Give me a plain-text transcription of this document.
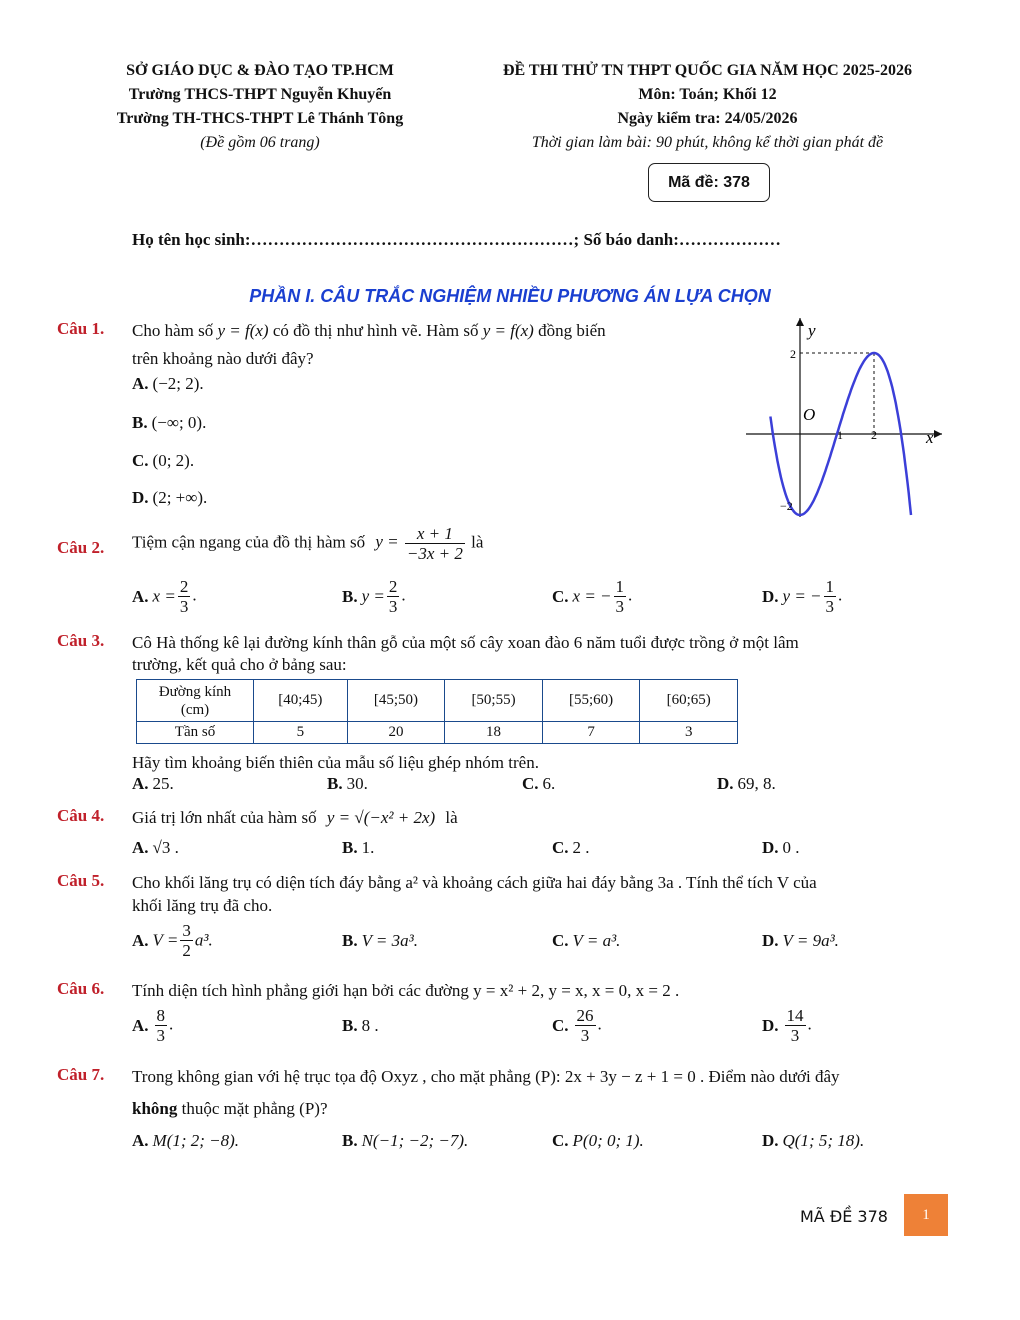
SỞ GIÁO DỤC & ĐÀO TẠO TP.HCM
Trường THCS-THPT Nguyễn Khuyến
Trường TH-THCS-THPT Lê Thánh Tông
(Đề gồm 06 trang)
ĐỀ THI THỬ TN THPT QUỐC GIA NĂM HỌC 2025-2026
Môn: Toán; Khối 12
Ngày kiểm tra: 24/05/2026
Thời gian làm bài: 90 phút, không kể thời gian phát đề
Mã đề: 378
Họ tên học sinh:…………………………………………………; Số báo danh:………………
PHẦN I. CÂU TRẮC NGHIỆM NHIỀU PHƯƠNG ÁN LỰA CHỌN
Câu 1. Cho hàm số y = f(x) có đồ thị như hình vẽ. Hàm số y = f(x) đồng biến
trên khoảng nào dưới đây?
A. (−2; 2).
B. (−∞; 0).
C. (0; 2).
D. (2; +∞).
y
x
O
2
−2
1 2
Câu 2. Tiệm cận ngang của đồ thị hàm số $y = \frac{x + 1}{-3x + 2}$ là
A. $x = \frac{2}{3}$ .	B. $y = \frac{2}{3}$ .	C. x = − $\frac{1}{3}$ .	D. y = − $\frac{1}{3}$ .
Câu 3. Cô Hà thống kê lại đường kính thân gỗ của một số cây xoan đào 6 năm tuổi được trồng ở một lâm
trường, kết quả cho ở bảng sau:
Đường kính
(cm)	[40;45)	[45;50)	[50;55)	[55;60)	[60;65)
Tần số	5	20	18	7	3
Hãy tìm khoảng biến thiên của mẫu số liệu ghép nhóm trên.
A. 25.	B. 30.	C. 6.	D. 69, 8.
Câu 4. Giá trị lớn nhất của hàm số y = √(−x² + 2x) là
A. √3 .	B. 1.	C. 2 .	D. 0 .
Câu 5. Cho khối lăng trụ có diện tích đáy bằng a² và khoảng cách giữa hai đáy bằng 3a . Tính thể tích V của
khối lăng trụ đã cho.
A. $V = \frac{3}{2} a^3$.	B. V = 3a³.	C. V = a³.	D. V = 9a³.
Câu 6. Tính diện tích hình phẳng giới hạn bởi các đường y = x² + 2, y = x, x = 0, x = 2 .
A. $\frac{8}{3}$ .	B. 8 .	C. $\frac{26}{3}$ .	D. $\frac{14}{3}$ .
Câu 7. Trong không gian với hệ trục tọa độ Oxyz , cho mặt phẳng (P): 2x + 3y − z + 1 = 0 . Điểm nào dưới đây
không thuộc mặt phẳng (P)?
A. M(1; 2; −8).	B. N(−1; −2; −7).	C. P(0; 0; 1).	D. Q(1; 5; 18).
MÃ ĐỀ 378	1
